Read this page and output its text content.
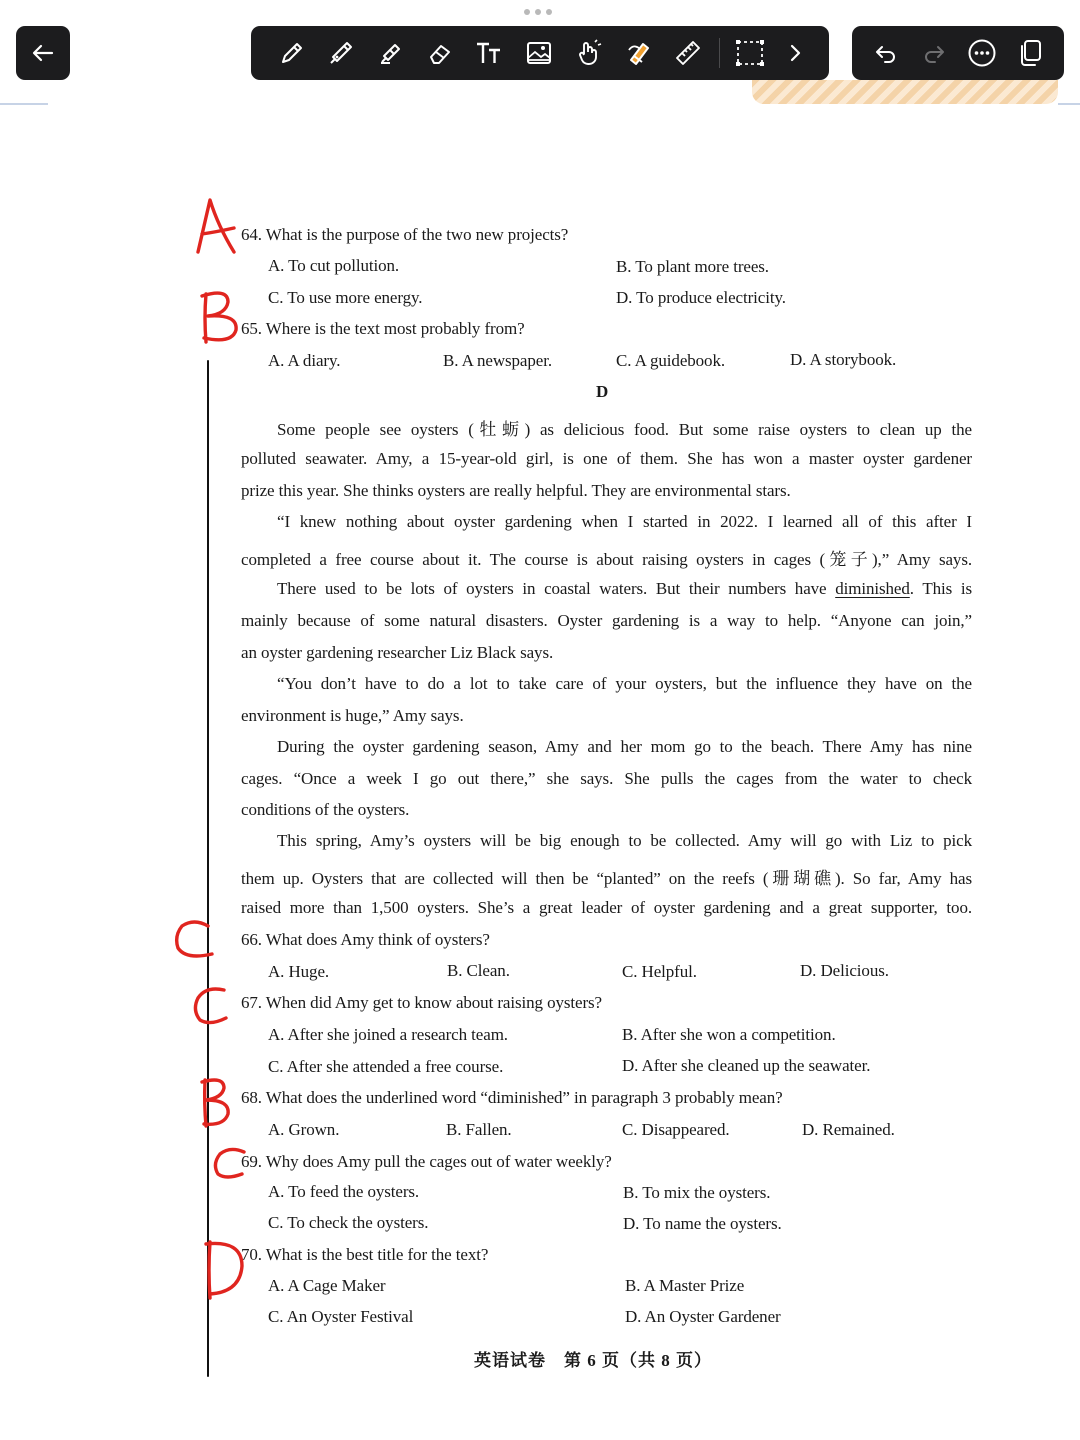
64. What is the purpose of the two new projects?
A. To cut pollution.	B. To plant more trees.
C. To use more energy.	D. To produce electricity.
65. Where is the text most probably from?
A. A diary.	B. A newspaper.	C. A guidebook.	D. A storybook.
D
Some people see oysters (牡蛎) as delicious food. But some raise oysters to clean up the
polluted seawater. Amy, a 15-year-old girl, is one of them. She has won a master oyster gardener
prize this year. She thinks oysters are really helpful. They are environmental stars.
“I knew nothing about oyster gardening when I started in 2022. I learned all of this after I
completed a free course about it. The course is about raising oysters in cages (笼子),” Amy says.
There used to be lots of oysters in coastal waters. But their numbers have diminished. This is
mainly because of some natural disasters. Oyster gardening is a way to help. “Anyone can join,”
an oyster gardening researcher Liz Black says.
“You don’t have to do a lot to take care of your oysters, but the influence they have on the
environment is huge,” Amy says.
During the oyster gardening season, Amy and her mom go to the beach. There Amy has nine
cages. “Once a week I go out there,” she says. She pulls the cages from the water to check
conditions of the oysters.
This spring, Amy’s oysters will be big enough to be collected. Amy will go with Liz to pick
them up. Oysters that are collected will then be “planted” on the reefs (珊瑚礁). So far, Amy has
raised more than 1,500 oysters. She’s a great leader of oyster gardening and a great supporter, too.
66. What does Amy think of oysters?
A. Huge.	B. Clean.	C. Helpful.	D. Delicious.
67. When did Amy get to know about raising oysters?
A. After she joined a research team.	B. After she won a competition.
C. After she attended a free course.	D. After she cleaned up the seawater.
68. What does the underlined word “diminished” in paragraph 3 probably mean?
A. Grown.	B. Fallen.	C. Disappeared.	D. Remained.
69. Why does Amy pull the cages out of water weekly?
A. To feed the oysters.	B. To mix the oysters.
C. To check the oysters.	D. To name the oysters.
70. What is the best title for the text?
A. A Cage Maker	B. A Master Prize
C. An Oyster Festival	D. An Oyster Gardener
英语试卷　第 6 页（共 8 页）
